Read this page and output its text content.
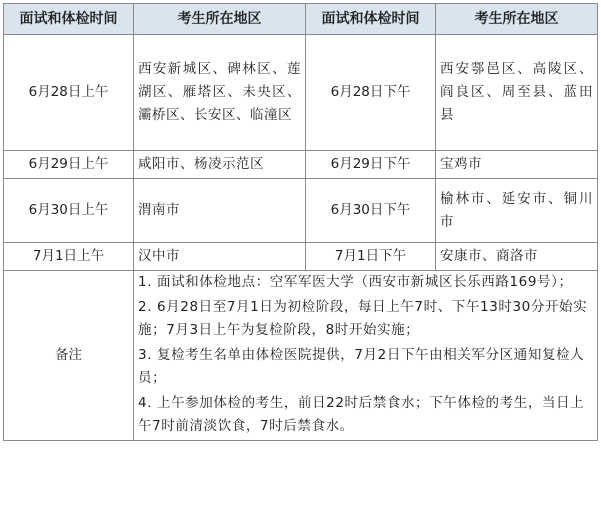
面试和体检时间	考生所在地区	面试和体检时间	考生所在地区
6月28日上午	西安新城区、碑林区、莲湖区、雁塔区、未央区、灞桥区、长安区、临潼区	6月28日下午	西安鄠邑区、高陵区、阎良区、周至县、蓝田县

6月29日上午	咸阳市、杨凌示范区	6月29日下午	宝鸡市

6月30日上午	渭南市	6月30日下午	榆林市、延安市、铜川市

7月1日上午	汉中市	7月1日下午	安康市、商洛市

备注	1. 面试和体检地点：空军军医大学（西安市新城区长乐西路169号）；

2. 6月28日至7月1日为初检阶段，每日上午7时、下午13时30分开始实施；7月3日上午为复检阶段，8时开始实施；

3. 复检考生名单由体检医院提供，7月2日下午由相关军分区通知复检人员；

4. 上午参加体检的考生，前日22时后禁食水；下午体检的考生，当日上午7时前清淡饮食，7时后禁食水。		
